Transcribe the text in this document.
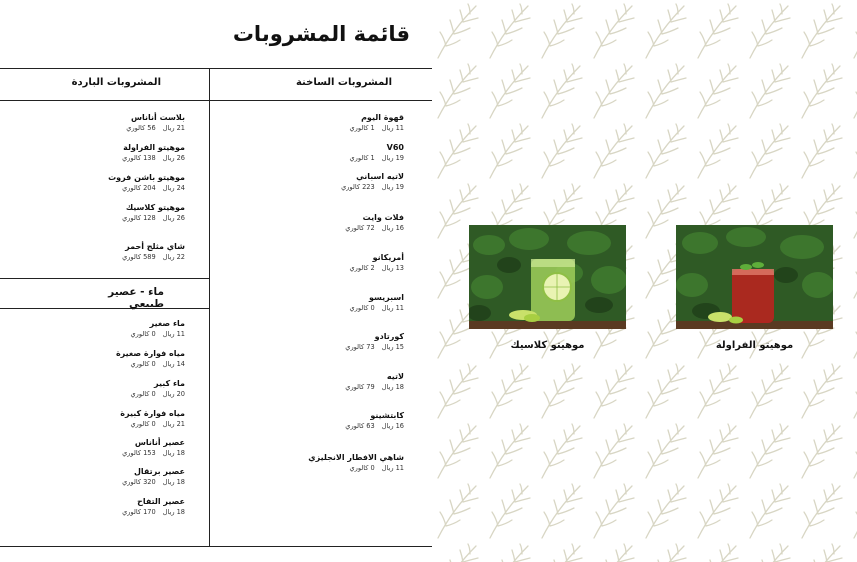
قائمة المشروبات
المشروبات الساخنة
المشروبات الباردة
ماء - عصير طبيعي
قهوة اليوم
11 ريال1 كالوري
V60
19 ريال1 كالوري
لاتيه اسباني
19 ريال223 كالوري
فلات وايت
16 ريال72 كالوري
أمريكانو
13 ريال2 كالوري
اسبريسو
11 ريال0 كالوري
كورتادو
15 ريال73 كالوري
لاتيه
18 ريال79 كالوري
كابتشينو
16 ريال63 كالوري
شاهي الافطار الانجليزي
11 ريال0 كالوري
بلاست أناناس
21 ريال56 كالوري
موهيتو الفراولة
26 ريال138 كالوري
موهيتو باشن فروت
24 ريال204 كالوري
موهيتو كلاسيك
26 ريال128 كالوري
شاي مثلج أحمر
22 ريال589 كالوري
ماء صغير
11 ريال0 كالوري
مياه فوارة صغيرة
14 ريال0 كالوري
ماء كبير
20 ريال0 كالوري
مياه فوارة كبيرة
21 ريال0 كالوري
عصير أناناس
18 ريال153 كالوري
عصير برتقال
18 ريال320 كالوري
عصير التفاح
18 ريال170 كالوري
موهيتو كلاسيك	موهيتو الفراولة
